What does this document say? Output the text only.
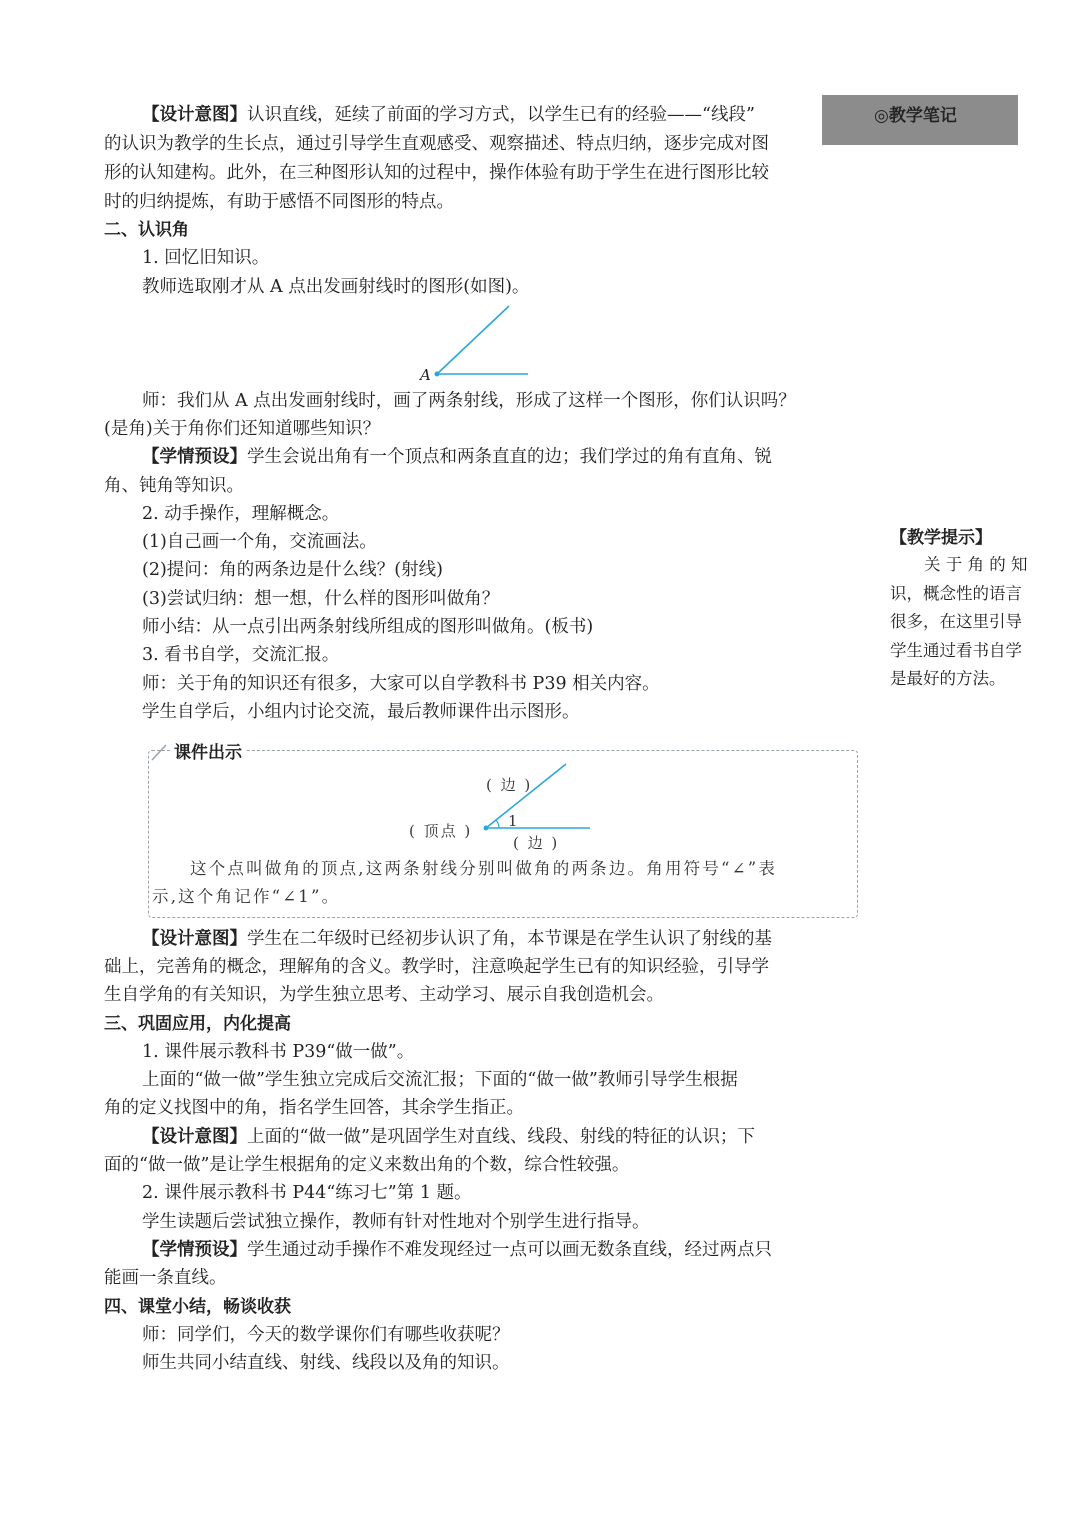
◎教学笔记
【教学提示】
关 于 角 的 知
识，概念性的语言
很多，在这里引导
学生通过看书自学
是最好的方法。
【设计意图】认识直线，延续了前面的学习方式，以学生已有的经验——“线段”
的认识为教学的生长点，通过引导学生直观感受、观察描述、特点归纳，逐步完成对图
形的认知建构。此外，在三种图形认知的过程中，操作体验有助于学生在进行图形比较
时的归纳提炼，有助于感悟不同图形的特点。
二、认识角
1. 回忆旧知识。
教师选取刚才从 A 点出发画射线时的图形(如图)。
A
师：我们从 A 点出发画射线时，画了两条射线，形成了这样一个图形，你们认识吗？
(是角)关于角你们还知道哪些知识？
【学情预设】学生会说出角有一个顶点和两条直直的边；我们学过的角有直角、锐
角、钝角等知识。
2. 动手操作，理解概念。
(1)自己画一个角，交流画法。
(2)提问：角的两条边是什么线？(射线)
(3)尝试归纳：想一想，什么样的图形叫做角？
师小结：从一点引出两条射线所组成的图形叫做角。(板书)
3. 看书自学，交流汇报。
师：关于角的知识还有很多，大家可以自学教科书 P39 相关内容。
学生自学后，小组内讨论交流，最后教师课件出示图形。
课件出示
( 边 )
( 顶点 )
1
( 边 )
这个点叫做角的顶点,这两条射线分别叫做角的两条边。角用符号“∠”表
示,这个角记作“∠1”。
【设计意图】学生在二年级时已经初步认识了角，本节课是在学生认识了射线的基
础上，完善角的概念，理解角的含义。教学时，注意唤起学生已有的知识经验，引导学
生自学角的有关知识，为学生独立思考、主动学习、展示自我创造机会。
三、巩固应用，内化提高
1. 课件展示教科书 P39“做一做”。
上面的“做一做”学生独立完成后交流汇报；下面的“做一做”教师引导学生根据
角的定义找图中的角，指名学生回答，其余学生指正。
【设计意图】上面的“做一做”是巩固学生对直线、线段、射线的特征的认识；下
面的“做一做”是让学生根据角的定义来数出角的个数，综合性较强。
2. 课件展示教科书 P44“练习七”第 1 题。
学生读题后尝试独立操作，教师有针对性地对个别学生进行指导。
【学情预设】学生通过动手操作不难发现经过一点可以画无数条直线，经过两点只
能画一条直线。
四、课堂小结，畅谈收获
师：同学们，今天的数学课你们有哪些收获呢？
师生共同小结直线、射线、线段以及角的知识。
